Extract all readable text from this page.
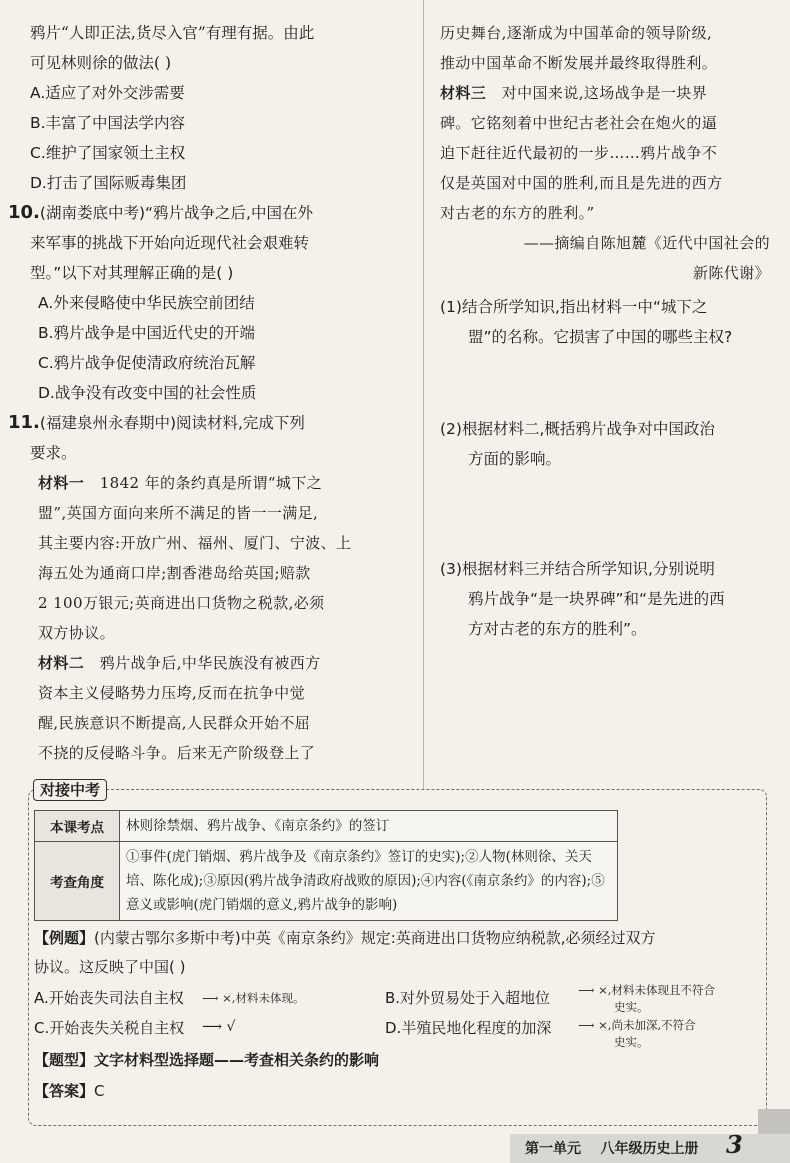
鸦片“人即正法,货尽入官”有理有据。由此
可见林则徐的做法( )
A.适应了对外交涉需要
B.丰富了中国法学内容
C.维护了国家领土主权
D.打击了国际贩毒集团
10.(湖南娄底中考)“鸦片战争之后,中国在外
来军事的挑战下开始向近现代社会艰难转
型。”以下对其理解正确的是( )
A.外来侵略使中华民族空前团结
B.鸦片战争是中国近代史的开端
C.鸦片战争促使清政府统治瓦解
D.战争没有改变中国的社会性质
11.(福建泉州永春期中)阅读材料,完成下列
要求。
材料一 1842 年的条约真是所谓“城下之
盟”,英国方面向来所不满足的皆一一满足,
其主要内容:开放广州、福州、厦门、宁波、上
海五处为通商口岸;割香港岛给英国;赔款
2 100万银元;英商进出口货物之税款,必须
双方协议。
材料二 鸦片战争后,中华民族没有被西方
资本主义侵略势力压垮,反而在抗争中觉
醒,民族意识不断提高,人民群众开始不屈
不挠的反侵略斗争。后来无产阶级登上了
历史舞台,逐渐成为中国革命的领导阶级,
推动中国革命不断发展并最终取得胜利。
材料三 对中国来说,这场战争是一块界
碑。它铭刻着中世纪古老社会在炮火的逼
迫下赶往近代最初的一步……鸦片战争不
仅是英国对中国的胜利,而且是先进的西方
对古老的东方的胜利。”
——摘编自陈旭麓《近代中国社会的
新陈代谢》
(1)结合所学知识,指出材料一中“城下之
盟”的名称。它损害了中国的哪些主权?
(2)根据材料二,概括鸦片战争对中国政治
方面的影响。
(3)根据材料三并结合所学知识,分别说明
鸦片战争“是一块界碑”和“是先进的西
方对古老的东方的胜利”。
对接中考
本课考点	林则徐禁烟、鸦片战争、《南京条约》的签订
考查角度	①事件(虎门销烟、鸦片战争及《南京条约》签订的史实);②人物(林则徐、关天培、陈化成);③原因(鸦片战争清政府战败的原因);④内容(《南京条约》的内容);⑤意义或影响(虎门销烟的意义,鸦片战争的影响)
【例题】(内蒙古鄂尔多斯中考)中英《南京条约》规定:英商进出口货物应纳税款,必须经过双方
协议。这反映了中国( )
A.开始丧失司法自主权 ⟶ ×,材料未体现。	B.对外贸易处于入超地位 ⟶ ×,材料未体现且不符合
史实。
C.开始丧失关税自主权 ⟶ √	D.半殖民地化程度的加深 ⟶ ×,尚未加深,不符合
史实。
【题型】文字材料型选择题——考查相关条约的影响
【答案】C
第一单元    八年级历史上册 3
